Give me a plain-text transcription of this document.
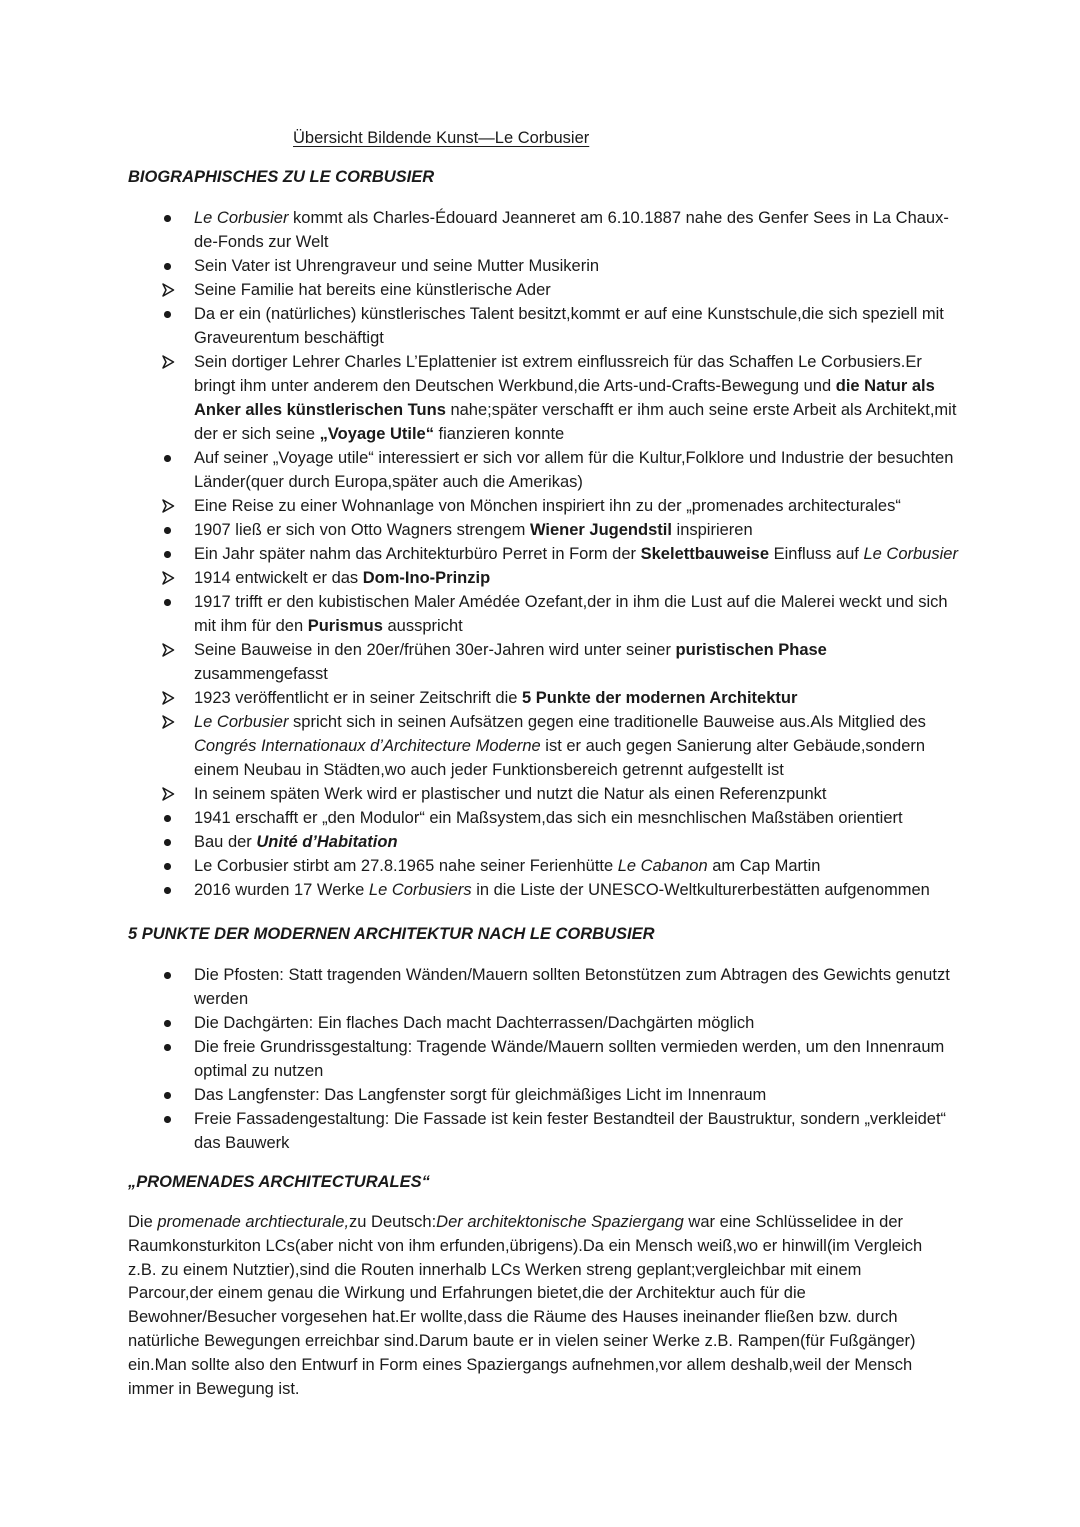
Übersicht Bildende Kunst—Le Corbusier
BIOGRAPHISCHES ZU LE CORBUSIER
Le Corbusier kommt als Charles-Édouard Jeanneret am 6.10.1887 nahe des Genfer Sees in La Chaux-de-Fonds zur Welt
Sein Vater ist Uhrengraveur und seine Mutter Musikerin
Seine Familie hat bereits eine künstlerische Ader
Da er ein (natürliches) künstlerisches Talent besitzt,kommt er auf eine Kunstschule,die sich speziell mit Graveurentum beschäftigt
Sein dortiger Lehrer Charles L’Eplattenier ist extrem einflussreich für das Schaffen Le Corbusiers.Er bringt ihm unter anderem den Deutschen Werkbund,die Arts-und-Crafts-Bewegung und die Natur als Anker alles künstlerischen Tuns nahe;später verschafft er ihm auch seine erste Arbeit als Architekt,mit der er sich seine „Voyage Utile“ fianzieren konnte
Auf seiner „Voyage utile“ interessiert er sich vor allem für die Kultur,Folklore und Industrie der besuchten Länder(quer durch Europa,später auch die Amerikas)
Eine Reise zu einer Wohnanlage von Mönchen inspiriert ihn zu der „promenades architecturales“
1907 ließ er sich von Otto Wagners strengem Wiener Jugendstil inspirieren
Ein Jahr später nahm das Architekturbüro Perret in Form der Skelettbauweise Einfluss auf Le Corbusier
1914 entwickelt er das Dom-Ino-Prinzip
1917 trifft er den kubistischen Maler Amédée Ozefant,der in ihm die Lust auf die Malerei weckt und sich mit ihm für den Purismus ausspricht
Seine Bauweise in den 20er/frühen 30er-Jahren wird unter seiner puristischen Phase zusammengefasst
1923 veröffentlicht er in seiner Zeitschrift die 5 Punkte der modernen Architektur
Le Corbusier spricht sich in seinen Aufsätzen gegen eine traditionelle Bauweise aus.Als Mitglied des Congrés Internationaux d’Architecture Moderne ist er auch gegen Sanierung alter Gebäude,sondern einem Neubau in Städten,wo auch jeder Funktionsbereich getrennt aufgestellt ist
In seinem späten Werk wird er plastischer und nutzt die Natur als einen Referenzpunkt
1941 erschafft er „den Modulor“ ein Maßsystem,das sich ein mesnchlischen Maßstäben orientiert
Bau der Unité d’Habitation
Le Corbusier stirbt am 27.8.1965 nahe seiner Ferienhütte Le Cabanon am Cap Martin
2016 wurden 17 Werke Le Corbusiers in die Liste der UNESCO-Weltkulturerbestätten aufgenommen
5 PUNKTE DER MODERNEN ARCHITEKTUR NACH LE CORBUSIER
Die Pfosten: Statt tragenden Wänden/Mauern sollten Betonstützen zum Abtragen des Gewichts genutzt werden
Die Dachgärten: Ein flaches Dach macht Dachterrassen/Dachgärten möglich
Die freie Grundrissgestaltung: Tragende Wände/Mauern sollten vermieden werden, um den Innenraum optimal zu nutzen
Das Langfenster: Das Langfenster sorgt für gleichmäßiges Licht im Innenraum
Freie Fassadengestaltung: Die Fassade ist kein fester Bestandteil der Baustruktur, sondern „verkleidet“ das Bauwerk
„PROMENADES ARCHITECTURALES“

Die promenade archtiecturale,zu Deutsch:Der architektonische Spaziergang war eine Schlüsselidee in der Raumkonsturkiton LCs(aber nicht von ihm erfunden,übrigens).Da ein Mensch weiß,wo er hinwill(im Vergleich z.B. zu einem Nutztier),sind die Routen innerhalb LCs Werken streng geplant;vergleichbar mit einem Parcour,der einem genau die Wirkung und Erfahrungen bietet,die der Architektur auch für die Bewohner/Besucher vorgesehen hat.Er wollte,dass die Räume des Hauses ineinander fließen bzw. durch natürliche Bewegungen erreichbar sind.Darum baute er in vielen seiner Werke z.B. Rampen(für Fußgänger) ein.Man sollte also den Entwurf in Form eines Spaziergangs aufnehmen,vor allem deshalb,weil der Mensch immer in Bewegung ist.
